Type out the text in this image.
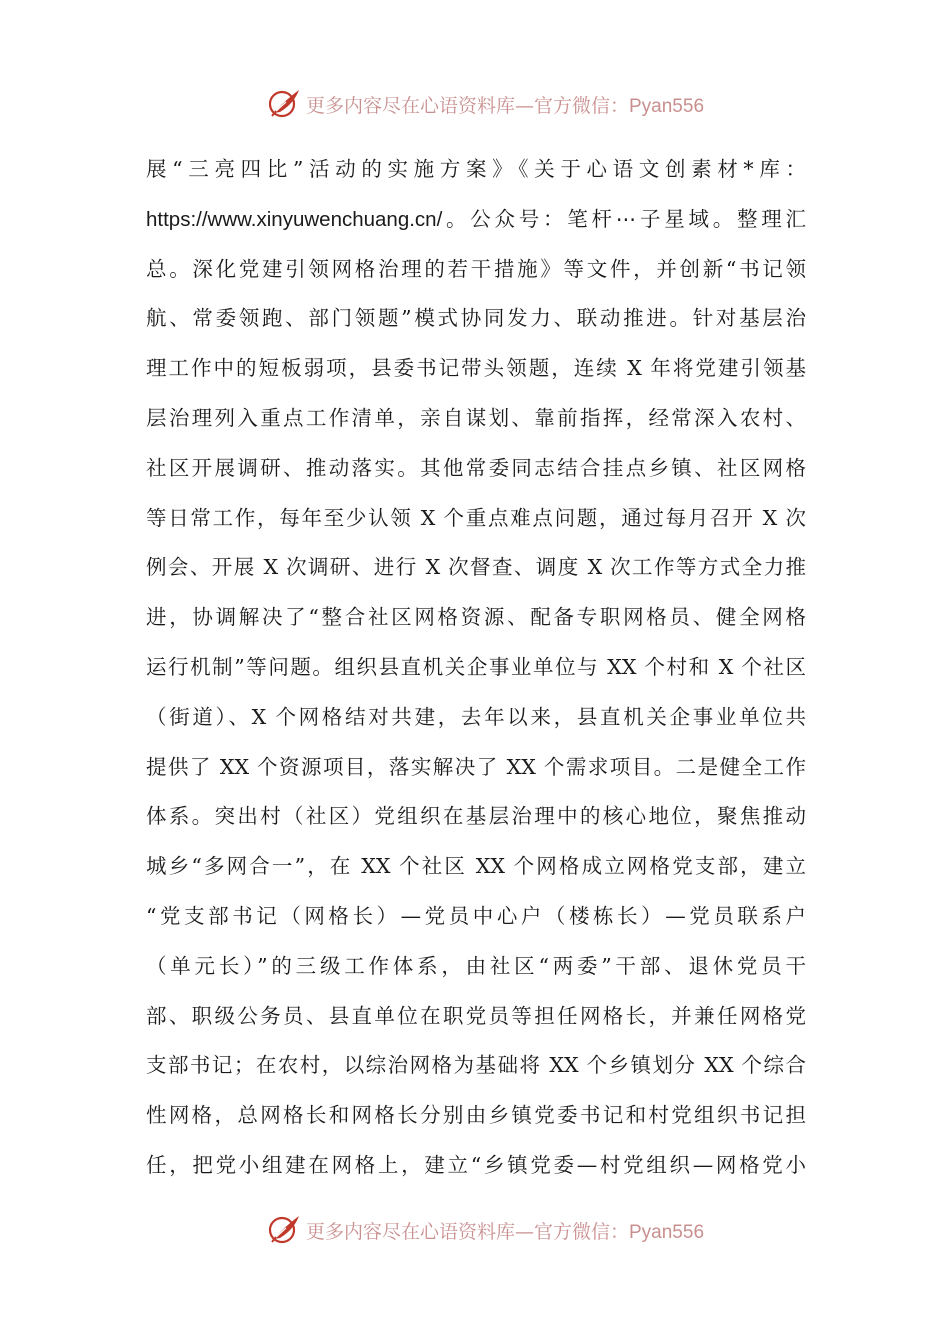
更多内容尽在心语资料库—官方微信：Pyan556
展“三亮四比”活动的实施方案》《关于心语文创素材*库：
https://www.xinyuwenchuang.cn/。公众号：笔杆⋯子星域。整理汇
总。深化党建引领网格治理的若干措施》等文件，并创新“书记领
航、常委领跑、部门领题”模式协同发力、联动推进。针对基层治
理工作中的短板弱项，县委书记带头领题，连续 X 年将党建引领基
层治理列入重点工作清单，亲自谋划、靠前指挥，经常深入农村、
社区开展调研、推动落实。其他常委同志结合挂点乡镇、社区网格
等日常工作，每年至少认领 X 个重点难点问题，通过每月召开 X 次
例会、开展 X 次调研、进行 X 次督查、调度 X 次工作等方式全力推
进，协调解决了“整合社区网格资源、配备专职网格员、健全网格
运行机制”等问题。组织县直机关企事业单位与 XX 个村和 X 个社区
（街道）、X 个网格结对共建，去年以来，县直机关企事业单位共
提供了 XX 个资源项目，落实解决了 XX 个需求项目。二是健全工作
体系。突出村（社区）党组织在基层治理中的核心地位，聚焦推动
城乡“多网合一”，在 XX 个社区 XX 个网格成立网格党支部，建立
“党支部书记（网格长）—党员中心户（楼栋长）—党员联系户
（单元长）”的三级工作体系，由社区“两委”干部、退休党员干
部、职级公务员、县直单位在职党员等担任网格长，并兼任网格党
支部书记；在农村，以综治网格为基础将 XX 个乡镇划分 XX 个综合
性网格，总网格长和网格长分别由乡镇党委书记和村党组织书记担
任，把党小组建在网格上，建立“乡镇党委—村党组织—网格党小
更多内容尽在心语资料库—官方微信：Pyan556
